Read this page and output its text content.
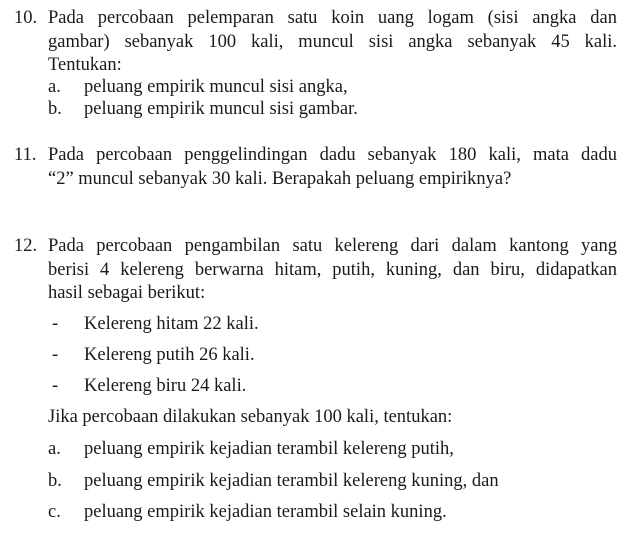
10. Pada percobaan pelemparan satu koin uang logam (sisi angka dan
gambar) sebanyak 100 kali, muncul sisi angka sebanyak 45 kali.
Tentukan:
a. peluang empirik muncul sisi angka,
b. peluang empirik muncul sisi gambar.
11. Pada percobaan penggelindingan dadu sebanyak 180 kali, mata dadu
“2” muncul sebanyak 30 kali. Berapakah peluang empiriknya?
12. Pada percobaan pengambilan satu kelereng dari dalam kantong yang
berisi 4 kelereng berwarna hitam, putih, kuning, dan biru, didapatkan
hasil sebagai berikut:
- Kelereng hitam 22 kali.
- Kelereng putih 26 kali.
- Kelereng biru 24 kali.
Jika percobaan dilakukan sebanyak 100 kali, tentukan:
a. peluang empirik kejadian terambil kelereng putih,
b. peluang empirik kejadian terambil kelereng kuning, dan
c. peluang empirik kejadian terambil selain kuning.
